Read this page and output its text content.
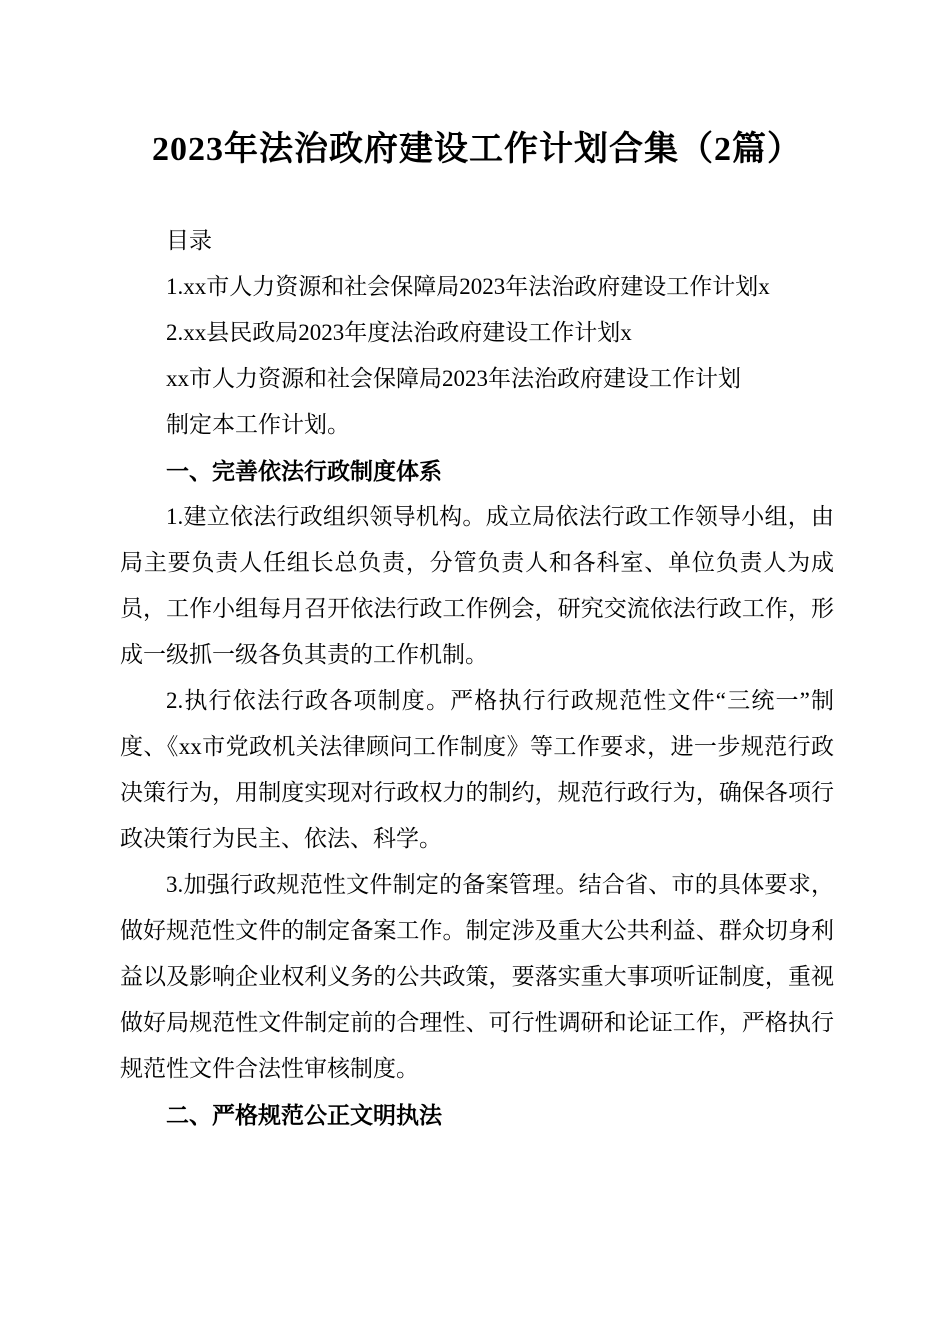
2023年法治政府建设工作计划合集（2篇）

目录

1.xx市人力资源和社会保障局2023年法治政府建设工作计划x

2.xx县民政局2023年度法治政府建设工作计划x

xx市人力资源和社会保障局2023年法治政府建设工作计划

制定本工作计划。

一、完善依法行政制度体系

1.建立依法行政组织领导机构。成立局依法行政工作领导小组，由局主要负责人任组长总负责，分管负责人和各科室、单位负责人为成员，工作小组每月召开依法行政工作例会，研究交流依法行政工作，形成一级抓一级各负其责的工作机制。

2.执行依法行政各项制度。严格执行行政规范性文件“三统一”制度、《xx市党政机关法律顾问工作制度》等工作要求，进一步规范行政决策行为，用制度实现对行政权力的制约，规范行政行为，确保各项行政决策行为民主、依法、科学。

3.加强行政规范性文件制定的备案管理。结合省、市的具体要求，做好规范性文件的制定备案工作。制定涉及重大公共利益、群众切身利益以及影响企业权利义务的公共政策，要落实重大事项听证制度，重视做好局规范性文件制定前的合理性、可行性调研和论证工作，严格执行规范性文件合法性审核制度。

二、严格规范公正文明执法
